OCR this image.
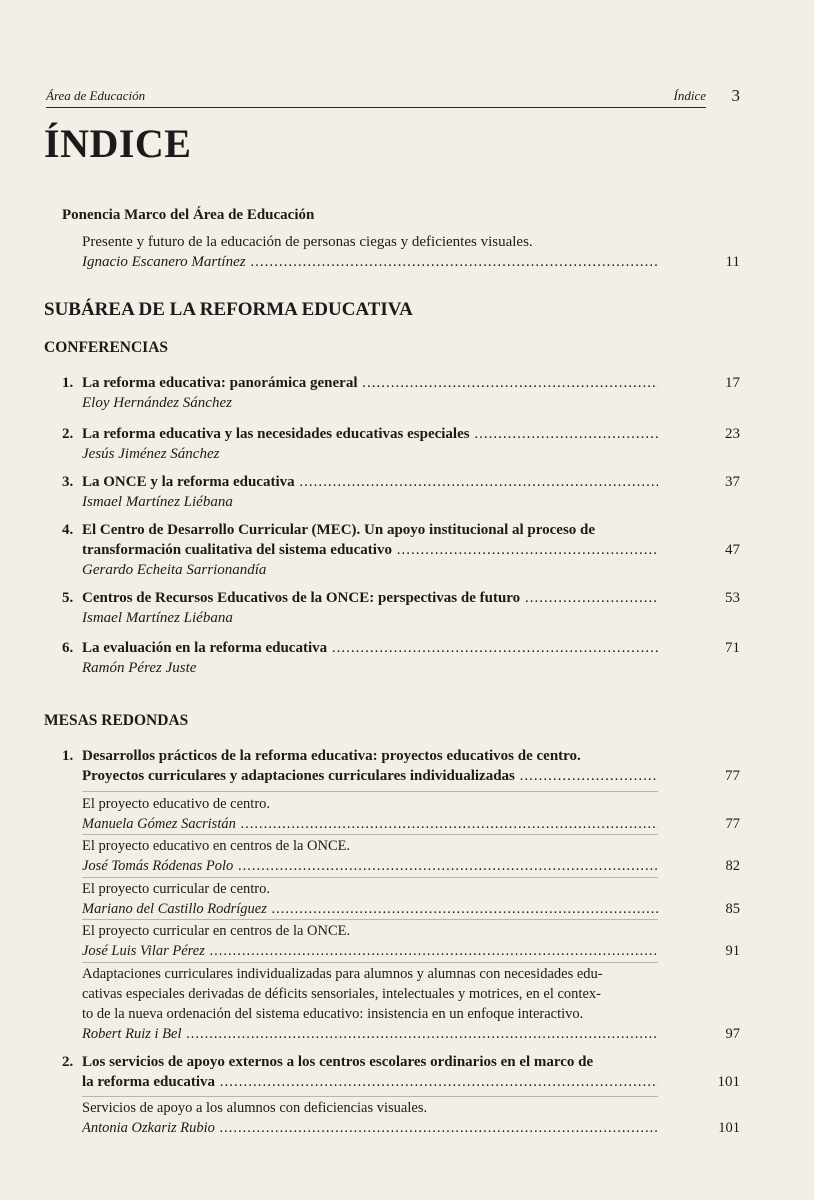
Área de Educación	Índice 3
ÍNDICE
Ponencia Marco del Área de Educación
Presente y futuro de la educación de personas ciegas y deficientes visuales.
Ignacio Escanero Martínez .....	11
SUBÁREA DE LA REFORMA EDUCATIVA
CONFERENCIAS
1. La reforma educativa: panorámica general .....	17
Eloy Hernández Sánchez
2. La reforma educativa y las necesidades educativas especiales .....	23
Jesús Jiménez Sánchez
3. La ONCE y la reforma educativa .....	37
Ismael Martínez Liébana
4. El Centro de Desarrollo Curricular (MEC). Un apoyo institucional al proceso de
transformación cualitativa del sistema educativo .....	47
Gerardo Echeita Sarrionandía
5. Centros de Recursos Educativos de la ONCE: perspectivas de futuro .....	53
Ismael Martínez Liébana
6. La evaluación en la reforma educativa .....	71
Ramón Pérez Juste
MESAS REDONDAS
1. Desarrollos prácticos de la reforma educativa: proyectos educativos de centro.
Proyectos curriculares y adaptaciones curriculares individualizadas .....	77
El proyecto educativo de centro.
Manuela Gómez Sacristán .....	77
El proyecto educativo en centros de la ONCE.
José Tomás Ródenas Polo .....	82
El proyecto curricular de centro.
Mariano del Castillo Rodríguez .....	85
El proyecto curricular en centros de la ONCE.
José Luis Vilar Pérez .....	91
Adaptaciones curriculares individualizadas para alumnos y alumnas con necesidades edu-
cativas especiales derivadas de déficits sensoriales, intelectuales y motrices, en el contex-
to de la nueva ordenación del sistema educativo: insistencia en un enfoque interactivo.
Robert Ruiz i Bel .....	97
2. Los servicios de apoyo externos a los centros escolares ordinarios en el marco de
la reforma educativa .....	101
Servicios de apoyo a los alumnos con deficiencias visuales.
Antonia Ozkariz Rubio .....	101
